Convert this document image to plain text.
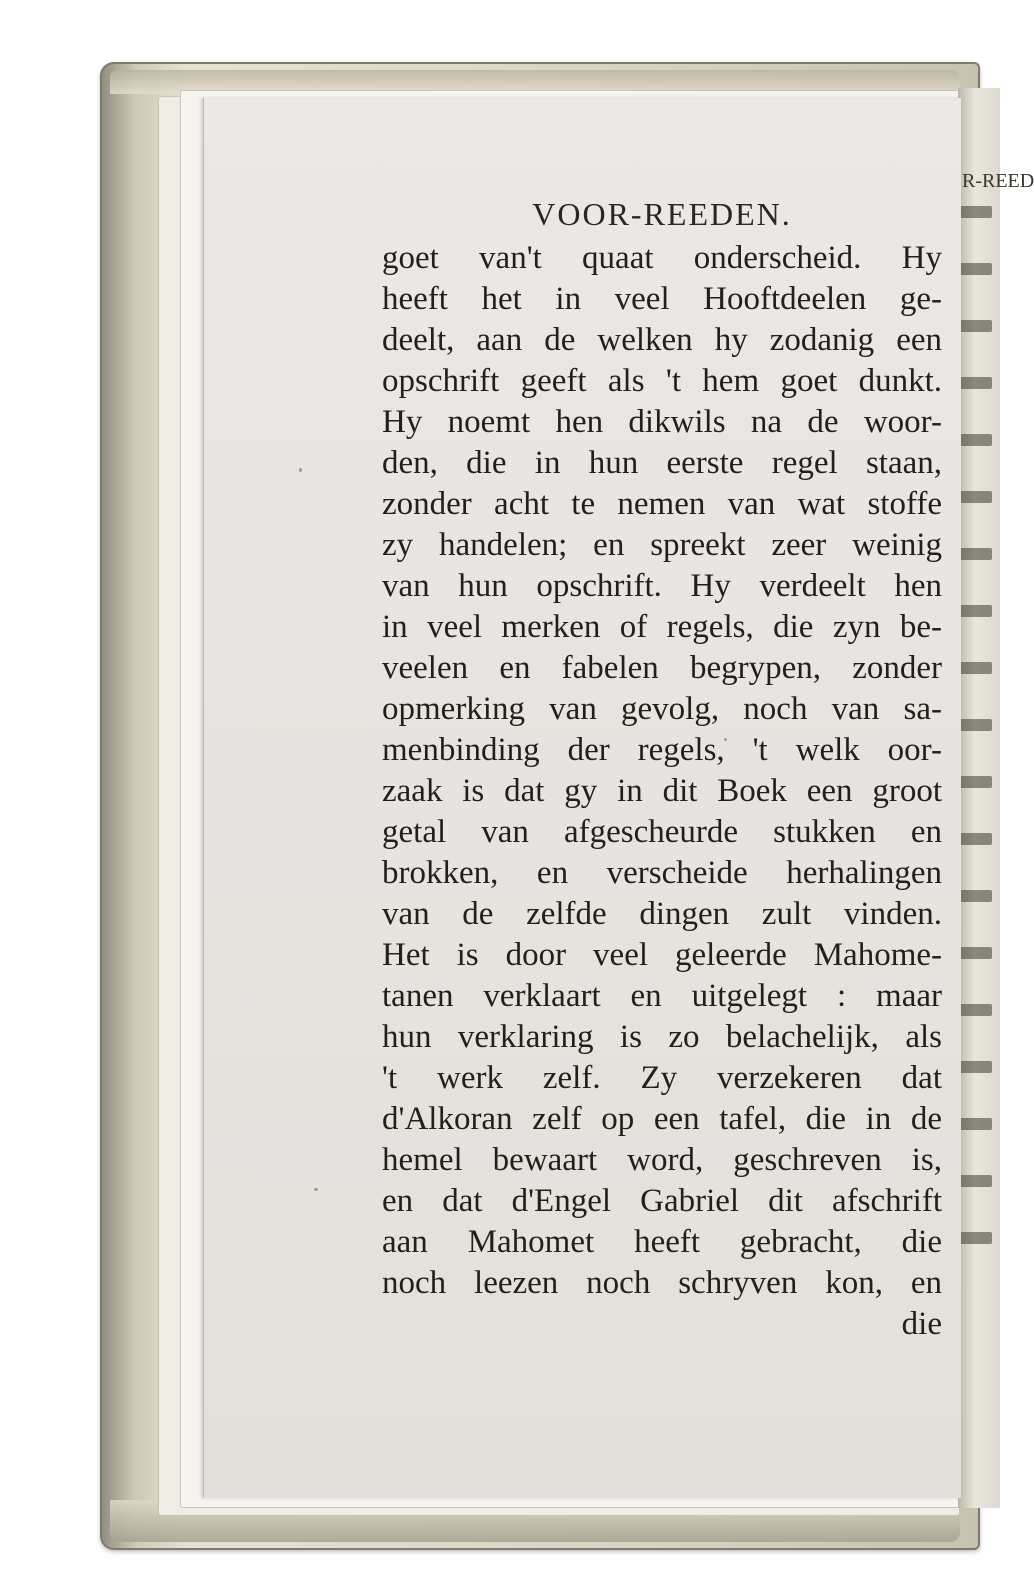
R-REED
VOOR-REEDEN.
goet van't quaat onderscheid. Hy
heeft het in veel Hooftdeelen ge-
deelt, aan de welken hy zodanig een
opschrift geeft als 't hem goet dunkt.
Hy noemt hen dikwils na de woor-
den, die in hun eerste regel staan,
zonder acht te nemen van wat stoffe
zy handelen; en spreekt zeer weinig
van hun opschrift. Hy verdeelt hen
in veel merken of regels, die zyn be-
veelen en fabelen begrypen, zonder
opmerking van gevolg, noch van sa-
menbinding der regels, 't welk oor-
zaak is dat gy in dit Boek een groot
getal van afgescheurde stukken en
brokken, en verscheide herhalingen
van de zelfde dingen zult vinden.
Het is door veel geleerde Mahome-
tanen verklaart en uitgelegt : maar
hun verklaring is zo belachelijk, als
't werk zelf. Zy verzekeren dat
d'Alkoran zelf op een tafel, die in de
hemel bewaart word, geschreven is,
en dat d'Engel Gabriel dit afschrift
aan Mahomet heeft gebracht, die
noch leezen noch schryven kon, en
die
